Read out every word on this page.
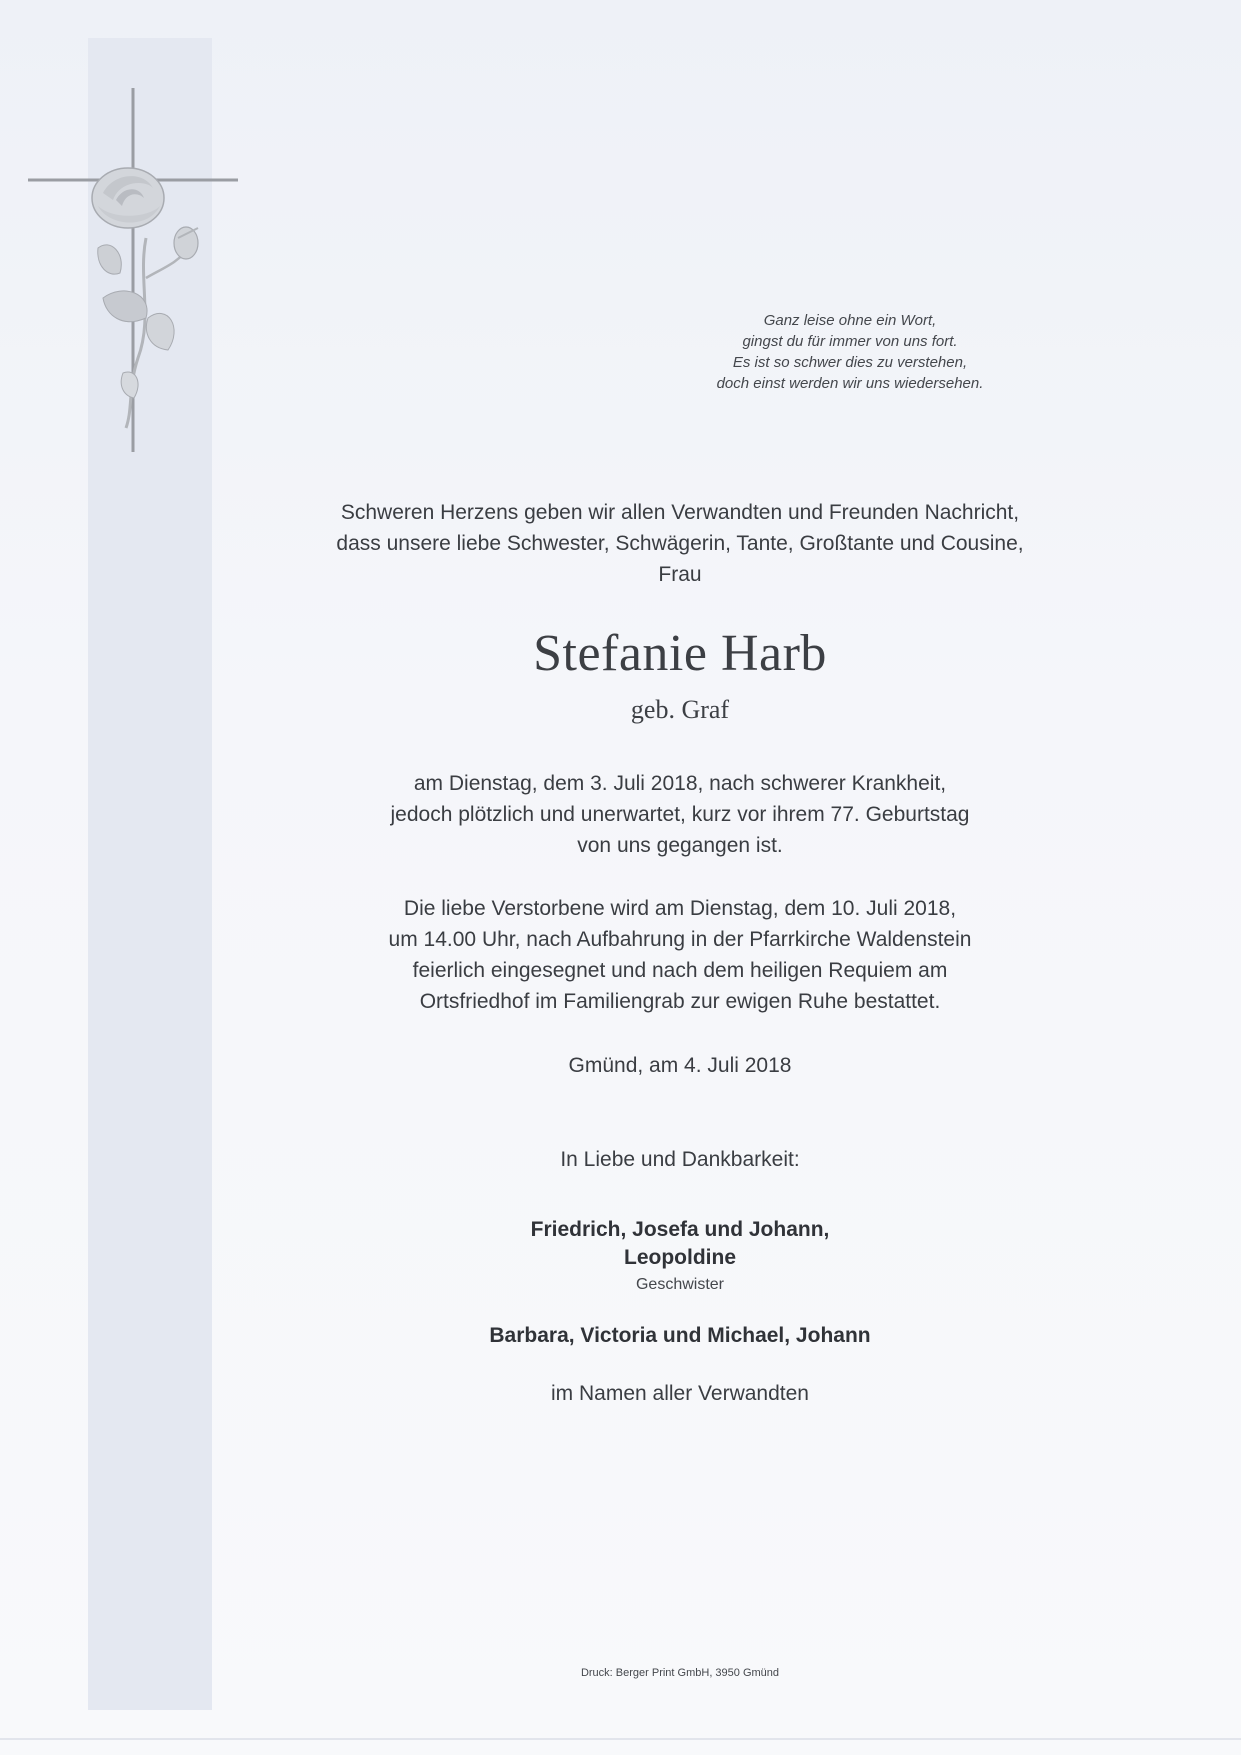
Ganz leise ohne ein Wort,
gingst du für immer von uns fort.
Es ist so schwer dies zu verstehen,
doch einst werden wir uns wiedersehen.
Schweren Herzens geben wir allen Verwandten und Freunden Nachricht,
dass unsere liebe Schwester, Schwägerin, Tante, Großtante und Cousine,
Frau
Stefanie Harb
geb. Graf
am Dienstag, dem 3. Juli 2018, nach schwerer Krankheit,
jedoch plötzlich und unerwartet, kurz vor ihrem 77. Geburtstag
von uns gegangen ist.
Die liebe Verstorbene wird am Dienstag, dem 10. Juli 2018,
um 14.00 Uhr, nach Aufbahrung in der Pfarrkirche Waldenstein
feierlich eingesegnet und nach dem heiligen Requiem am
Ortsfriedhof im Familiengrab zur ewigen Ruhe bestattet.
Gmünd, am 4. Juli 2018
In Liebe und Dankbarkeit:
Friedrich, Josefa und Johann,
Leopoldine
Geschwister
Barbara, Victoria und Michael, Johann
im Namen aller Verwandten
Druck: Berger Print GmbH, 3950 Gmünd
